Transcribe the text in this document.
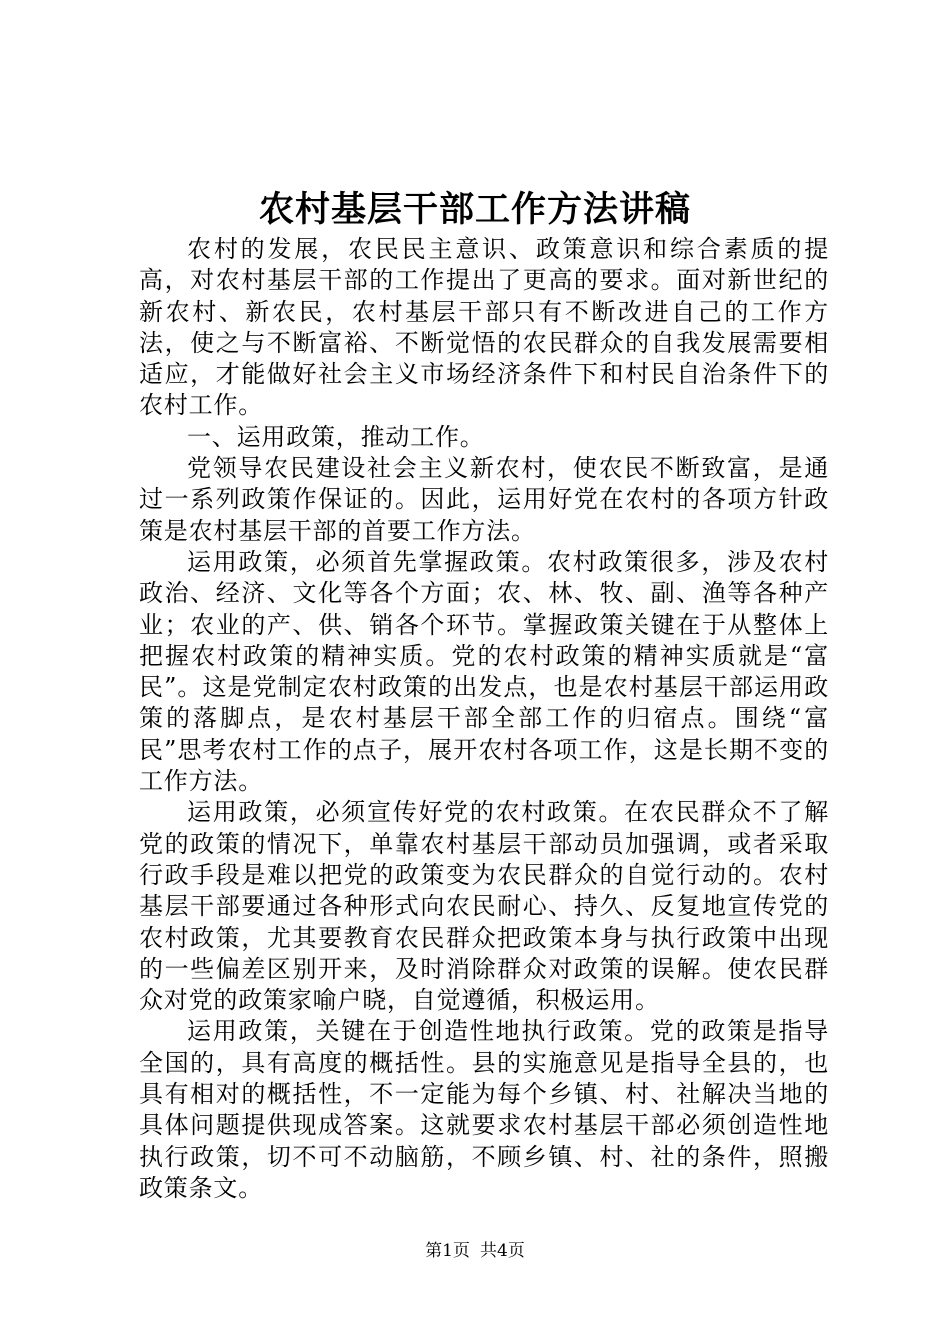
农村基层干部工作方法讲稿

农村的发展，农民民主意识、政策意识和综合素质的提高，对农村基层干部的工作提出了更高的要求。面对新世纪的新农村、新农民，农村基层干部只有不断改进自己的工作方法，使之与不断富裕、不断觉悟的农民群众的自我发展需要相适应，才能做好社会主义市场经济条件下和村民自治条件下的农村工作。

一、运用政策，推动工作。

党领导农民建设社会主义新农村，使农民不断致富，是通过一系列政策作保证的。因此，运用好党在农村的各项方针政策是农村基层干部的首要工作方法。

运用政策，必须首先掌握政策。农村政策很多，涉及农村政治、经济、文化等各个方面；农、林、牧、副、渔等各种产业；农业的产、供、销各个环节。掌握政策关键在于从整体上把握农村政策的精神实质。党的农村政策的精神实质就是“富民”。这是党制定农村政策的出发点，也是农村基层干部运用政策的落脚点，是农村基层干部全部工作的归宿点。围绕“富民”思考农村工作的点子，展开农村各项工作，这是长期不变的工作方法。

运用政策，必须宣传好党的农村政策。在农民群众不了解党的政策的情况下，单靠农村基层干部动员加强调，或者采取行政手段是难以把党的政策变为农民群众的自觉行动的。农村基层干部要通过各种形式向农民耐心、持久、反复地宣传党的农村政策，尤其要教育农民群众把政策本身与执行政策中出现的一些偏差区别开来，及时消除群众对政策的误解。使农民群众对党的政策家喻户晓，自觉遵循，积极运用。

运用政策，关键在于创造性地执行政策。党的政策是指导全国的，具有高度的概括性。县的实施意见是指导全县的，也具有相对的概括性，不一定能为每个乡镇、村、社解决当地的具体问题提供现成答案。这就要求农村基层干部必须创造性地执行政策，切不可不动脑筋，不顾乡镇、村、社的条件，照搬政策条文。

第1页 共4页
